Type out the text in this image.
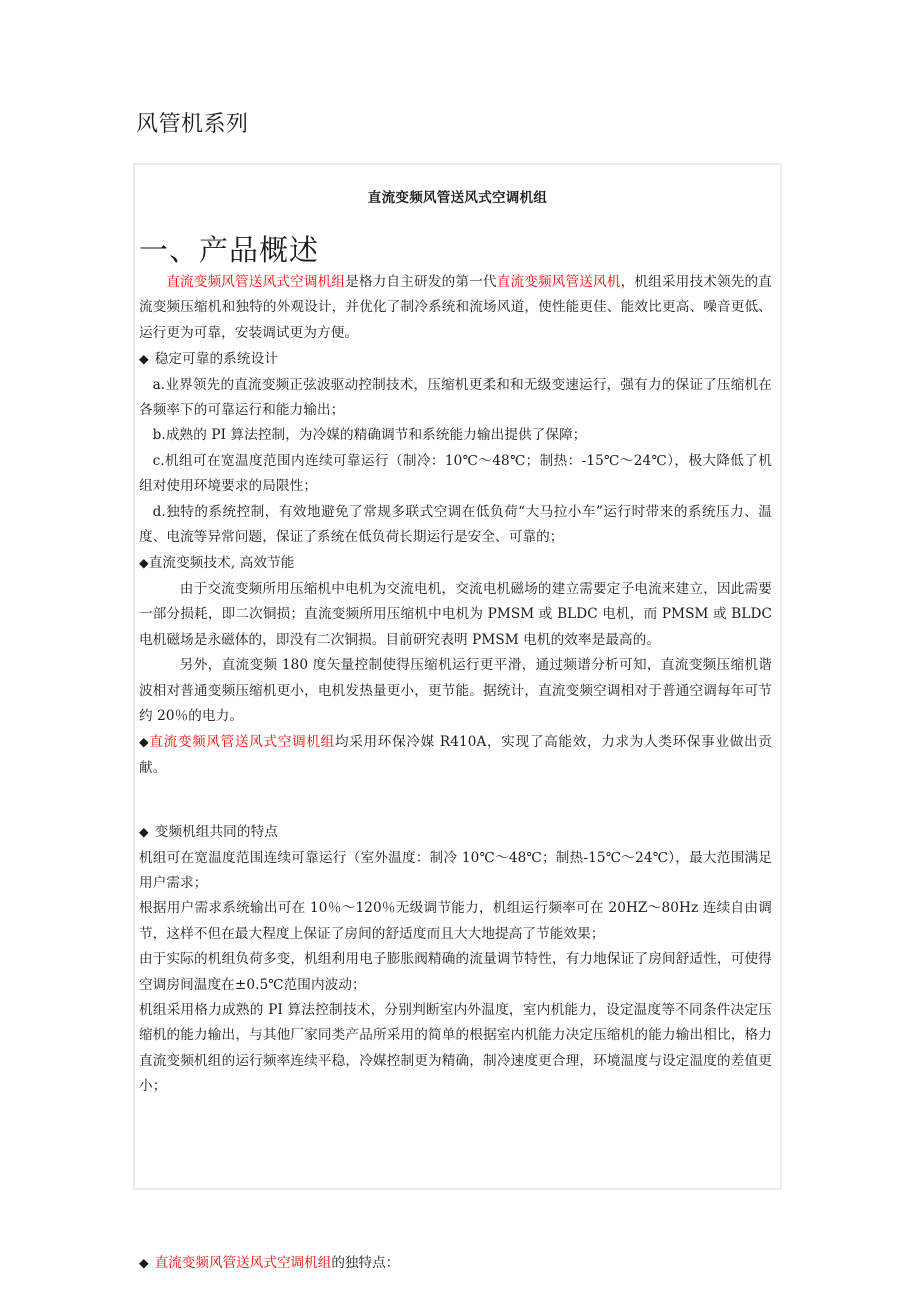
风管机系列
直流变频风管送风式空调机组
一、产品概述

直流变频风管送风式空调机组是格力自主研发的第一代直流变频风管送风机，机组采用技术领先的直流变频压缩机和独特的外观设计，并优化了制冷系统和流场风道，使性能更佳、能效比更高、噪音更低、运行更为可靠，安装调试更为方便。

◆ 稳定可靠的系统设计

a.业界领先的直流变频正弦波驱动控制技术，压缩机更柔和和无级变速运行，强有力的保证了压缩机在各频率下的可靠运行和能力输出；

b.成熟的 PI 算法控制，为冷媒的精确调节和系统能力输出提供了保障；

c.机组可在宽温度范围内连续可靠运行（制冷：10℃～48℃；制热：-15℃～24℃），极大降低了机组对使用环境要求的局限性；

d.独特的系统控制，有效地避免了常规多联式空调在低负荷“大马拉小车”运行时带来的系统压力、温度、电流等异常问题，保证了系统在低负荷长期运行是安全、可靠的；

◆直流变频技术, 高效节能

由于交流变频所用压缩机中电机为交流电机，交流电机磁场的建立需要定子电流来建立，因此需要一部分损耗，即二次铜损；直流变频所用压缩机中电机为 PMSM 或 BLDC 电机，而 PMSM 或 BLDC 电机磁场是永磁体的，即没有二次铜损。目前研究表明 PMSM 电机的效率是最高的。

另外，直流变频 180 度矢量控制使得压缩机运行更平滑，通过频谱分析可知，直流变频压缩机谐波相对普通变频压缩机更小，电机发热量更小，更节能。据统计，直流变频空调相对于普通空调每年可节约 20％的电力。

◆直流变频风管送风式空调机组均采用环保冷媒 R410A，实现了高能效，力求为人类环保事业做出贡献。

◆ 变频机组共同的特点

机组可在宽温度范围连续可靠运行（室外温度：制冷 10℃～48℃；制热-15℃～24℃），最大范围满足用户需求；

根据用户需求系统输出可在 10％～120％无级调节能力，机组运行频率可在 20HZ～80Hz 连续自由调节，这样不但在最大程度上保证了房间的舒适度而且大大地提高了节能效果；

由于实际的机组负荷多变，机组利用电子膨胀阀精确的流量调节特性，有力地保证了房间舒适性，可使得空调房间温度在±0.5℃范围内波动；

机组采用格力成熟的 PI 算法控制技术，分别判断室内外温度，室内机能力，设定温度等不同条件决定压缩机的能力输出，与其他厂家同类产品所采用的简单的根据室内机能力决定压缩机的能力输出相比，格力直流变频机组的运行频率连续平稳，冷媒控制更为精确，制冷速度更合理，环境温度与设定温度的差值更小；

◆ 直流变频风管送风式空调机组的独特点：
